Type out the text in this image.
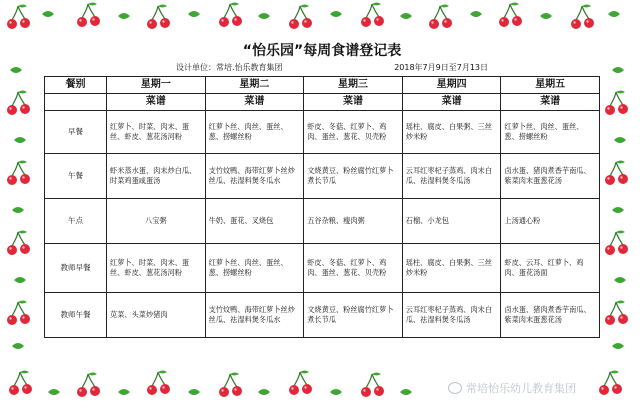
“怡乐园”每周食谱登记表
设计单位：常培.怡乐教育集团	2018年7月9日至7月13日
餐别	星期一	星期二	星期三	星期四	星期五
	菜谱	菜谱	菜谱	菜谱	菜谱
早餐	红萝卜、时菜、肉末、蛋丝、虾皮、葱花汤河粉	红萝卜丝、肉丝、蛋丝、葱、捞螺丝粉	虾皮、冬菇、红萝卜、鸡肉、蛋丝、葱花、贝壳粉	瑶柱、腐皮、白果粥、三丝炒米粉	红萝卜丝、肉丝、蛋丝、葱、捞螺丝粉
午餐	虾米蒸水蛋、肉末炒白瓜、时菜鸡蛋咸蛋汤	支竹炆鸭、海带红萝卜丝炒丝瓜、祛湿料煲冬瓜水	文烧黄豆、粉丝腐竹红萝卜煮长节瓜	云耳红枣杞子蒸鸡、肉末白瓜、祛湿料煲冬瓜汤	卤水蛋、猪肉煮香芋南瓜、紫菜肉末蛋葱花汤
午点	八宝粥	牛奶、蛋花、叉烧包	五谷杂粮、瘦肉粥	石榴、小龙包	上汤通心粉
教师早餐	红萝卜、时菜、肉末、蛋丝、虾皮、葱花汤河粉	红萝卜丝、肉丝、蛋丝、葱、捞螺丝粉	虾皮、冬菇、红萝卜、鸡肉、蛋丝、葱花、贝壳粉	瑶柱、腐皮、白果粥、三丝炒米粉	虾皮、云耳、红萝卜、鸡肉、蛋花汤面
教师午餐	苋菜、头菜炒猪肉	支竹炆鸭、海带红萝卜丝炒丝瓜、祛湿料煲冬瓜水	文烧黄豆、粉丝腐竹红萝卜煮长节瓜	云耳红枣杞子蒸鸡、肉末白瓜、祛湿料煲冬瓜汤	卤水蛋、猪肉煮香芋南瓜、紫菜肉末蛋葱花汤
常培怡乐幼儿教育集团
